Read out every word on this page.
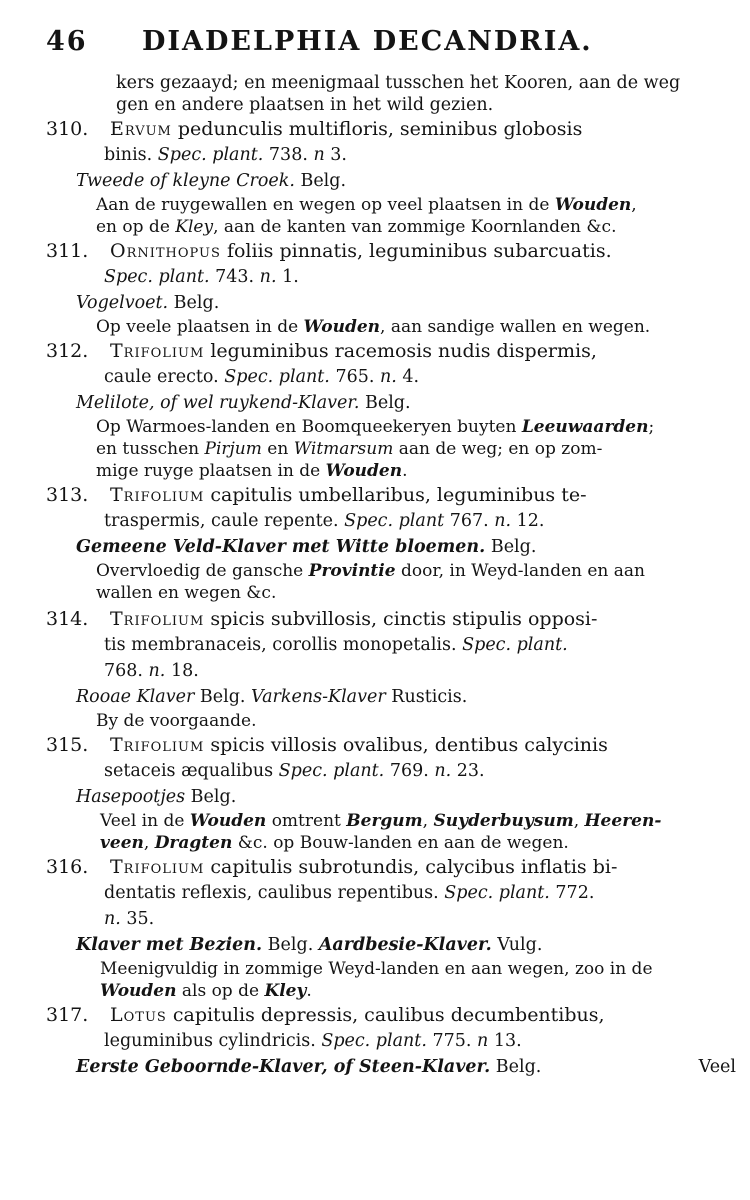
46 DIADELPHIA DECANDRIA.
kers gezaayd; en meenigmaal tusschen het Kooren, aan de weg
gen en andere plaatsen in het wild gezien.
310. Ervum pedunculis multifloris, seminibus globosis
binis. Spec. plant. 738. n 3.
Tweede of kleyne Croek. Belg.
Aan de ruygewallen en wegen op veel plaatsen in de Wouden,
en op de Kley, aan de kanten van zommige Koornlanden &c.
311. Ornithopus foliis pinnatis, leguminibus subarcuatis.
Spec. plant. 743. n. 1.
Vogelvoet. Belg.
Op veele plaatsen in de Wouden, aan sandige wallen en wegen.
312. Trifolium leguminibus racemosis nudis dispermis,
caule erecto. Spec. plant. 765. n. 4.
Melilote, of wel ruykend-Klaver. Belg.
Op Warmoes-landen en Boomqueekeryen buyten Leeuwaarden;
en tusschen Pirjum en Witmarsum aan de weg; en op zom-
mige ruyge plaatsen in de Wouden.
313. Trifolium capitulis umbellaribus, leguminibus te-
traspermis, caule repente. Spec. plant 767. n. 12.
Gemeene Veld-Klaver met Witte bloemen. Belg.
Overvloedig de gansche Provintie door, in Weyd-landen en aan
wallen en wegen &c.
314. Trifolium spicis subvillosis, cinctis stipulis opposi-
tis membranaceis, corollis monopetalis. Spec. plant.
768. n. 18.
Rooae Klaver Belg. Varkens-Klaver Rusticis.
By de voorgaande.
315. Trifolium spicis villosis ovalibus, dentibus calycinis
setaceis æqualibus Spec. plant. 769. n. 23.
Hasepootjes Belg.
Veel in de Wouden omtrent Bergum, Suyderbuysum, Heeren-
veen, Dragten &c. op Bouw-landen en aan de wegen.
316. Trifolium capitulis subrotundis, calycibus inflatis bi-
dentatis reflexis, caulibus repentibus. Spec. plant. 772.
n. 35.
Klaver met Bezien. Belg. Aardbesie-Klaver. Vulg.
Meenigvuldig in zommige Weyd-landen en aan wegen, zoo in de
Wouden als op de Kley.
317. Lotus capitulis depressis, caulibus decumbentibus,
leguminibus cylindricis. Spec. plant. 775. n 13.
Eerste Geboornde-Klaver, of Steen-Klaver. Belg.	Veel
